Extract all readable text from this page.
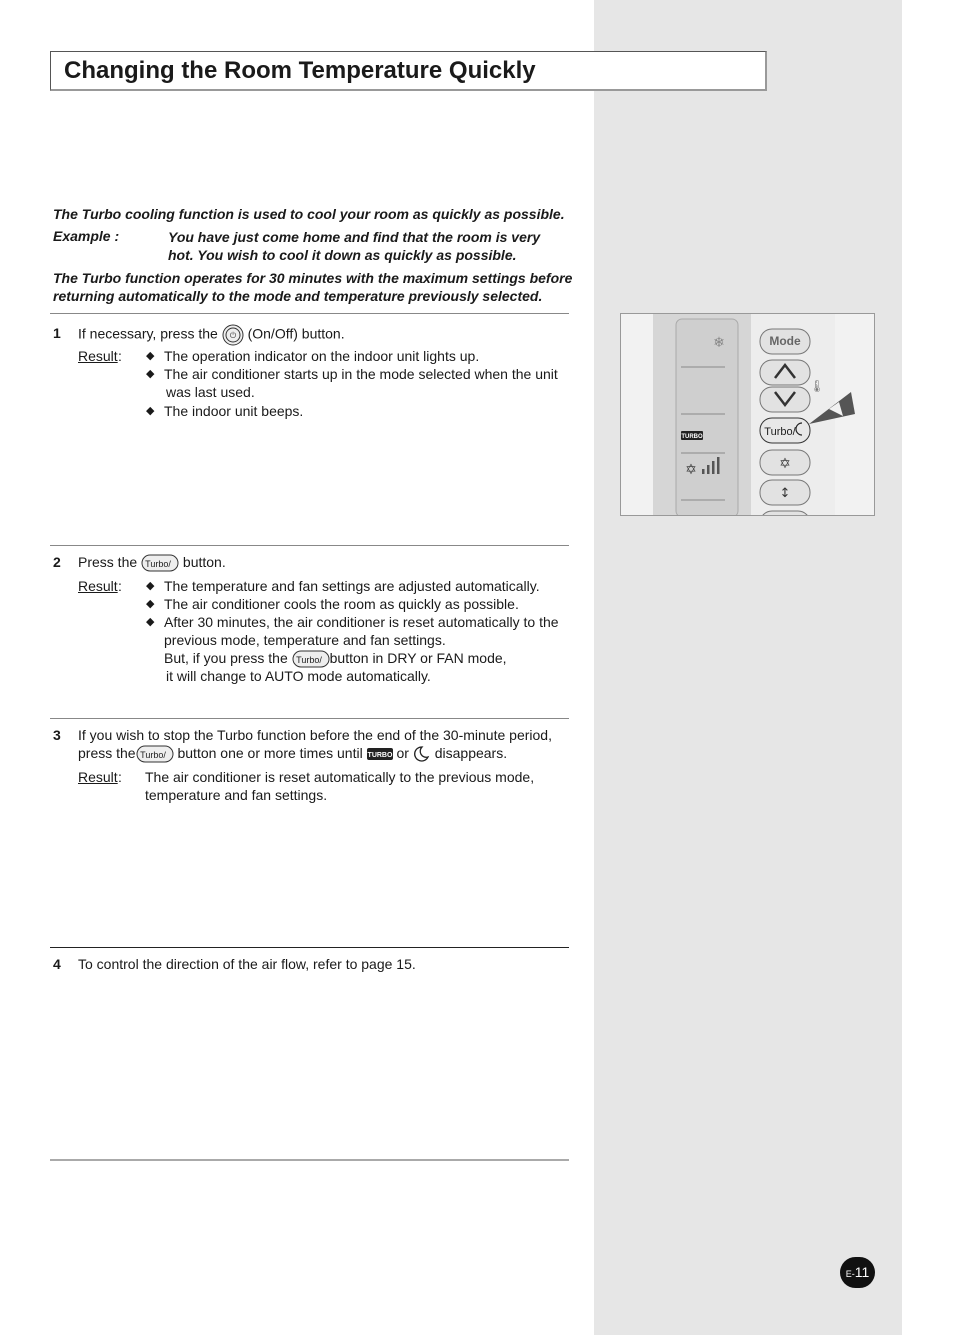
Changing the Room Temperature Quickly
The Turbo cooling function is used to cool your room as quickly as possible.
Example :	You have just come home and find that the room is very hot. You wish to cool it down as quickly as possible.
The Turbo function operates for 30 minutes with the maximum settings before returning automatically to the mode and temperature previously selected.
1 If necessary, press the ⏻ (On/Off) button.
Result : ◆ The operation indicator on the indoor unit lights up.
◆ The air conditioner starts up in the mode selected when the unit
was last used.
◆ The indoor unit beeps.
2 Press the Turbo/ button.
Result : ◆ The temperature and fan settings are adjusted automatically.
◆ The air conditioner cools the room as quickly as possible.
◆ After 30 minutes, the air conditioner is reset automatically to the
previous mode, temperature and fan settings.
But, if you press the Turbo/ button in DRY or FAN mode,
it will change to AUTO mode automatically.
3 If you wish to stop the Turbo function before the end of the 30-minute period,
press the Turbo/ button one or more times until TURBO or disappears.
Result : The air conditioner is reset automatically to the previous mode,
temperature and fan settings.
4 To control the direction of the air flow, refer to page 15.
❄
TURBO
✡
Mode
🌡
Turbo/
✡
↕
E-11
